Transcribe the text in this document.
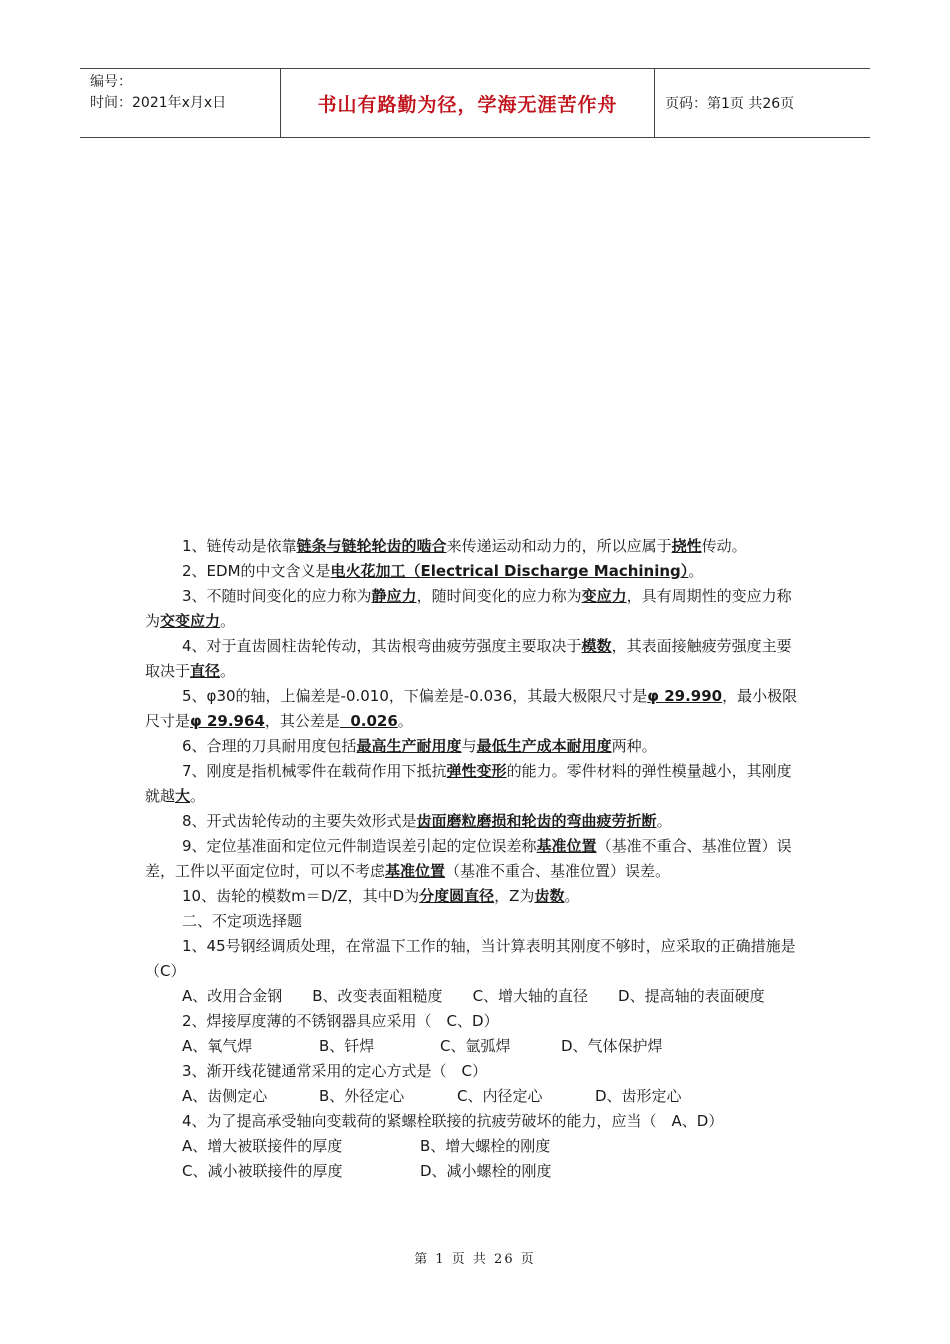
编号：
时间：2021年x月x日	书山有路勤为径，学海无涯苦作舟	页码：第1页 共26页

1、链传动是依靠链条与链轮轮齿的啮合来传递运动和动力的，所以应属于挠性传动。

2、EDM的中文含义是电火花加工（Electrical Discharge Machining）。

3、不随时间变化的应力称为静应力，随时间变化的应力称为变应力，具有周期性的变应力称为交变应力。

4、对于直齿圆柱齿轮传动，其齿根弯曲疲劳强度主要取决于模数，其表面接触疲劳强度主要取决于直径。

5、φ30的轴，上偏差是-0.010，下偏差是-0.036，其最大极限尺寸是φ 29.990，最小极限尺寸是φ 29.964，其公差是  0.026。

6、合理的刀具耐用度包括最高生产耐用度与最低生产成本耐用度两种。

7、刚度是指机械零件在载荷作用下抵抗弹性变形的能力。零件材料的弹性模量越小，其刚度就越大。

8、开式齿轮传动的主要失效形式是齿面磨粒磨损和轮齿的弯曲疲劳折断。

9、定位基准面和定位元件制造误差引起的定位误差称基准位置（基准不重合、基准位置）误差，工件以平面定位时，可以不考虑基准位置（基准不重合、基准位置）误差。

10、齿轮的模数m＝D/Z，其中D为分度圆直径，Z为齿数。

二、不定项选择题

1、45号钢经调质处理，在常温下工作的轴，当计算表明其刚度不够时，应采取的正确措施是（C）

A、改用合金钢 B、改变表面粗糙度 C、增大轴的直径 D、提高轴的表面硬度

2、焊接厚度薄的不锈钢器具应采用（　C、D）

A、氧气焊	B、钎焊	C、氩弧焊	D、气体保护焊

3、渐开线花键通常采用的定心方式是（　C）

A、齿侧定心	B、外径定心	C、内径定心	D、齿形定心

4、为了提高承受轴向变载荷的紧螺栓联接的抗疲劳破坏的能力，应当（　A、D）

A、增大被联接件的厚度	B、增大螺栓的刚度
C、减小被联接件的厚度	D、减小螺栓的刚度
第 1 页 共 26 页
